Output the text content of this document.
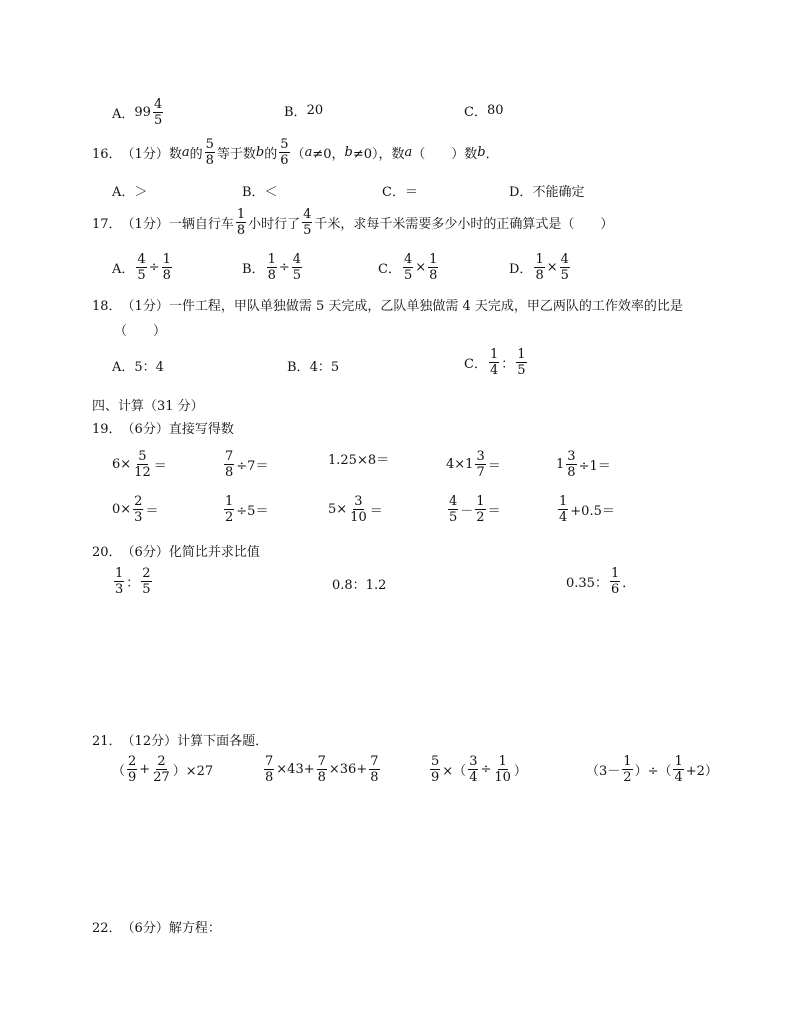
A． $99 \frac{4}{5}$	B． 20	C． 80
16． （1分） 数 a 的 $\frac{5}{8}$ 等于数 b 的 $\frac{5}{6}$ （ a ≠0， b ≠0），数 a （　　）数 b ．
A． ＞	B． ＜	C． ＝	D． 不能确定
17． （1分） 一辆自行车 $\frac{1}{8}$ 小时行了 $\frac{4}{5}$ 千米，求每千米需要多少小时的正确算式是（　　）
A． $\frac{4}{5} \div \frac{1}{8}$	B． $\frac{1}{8} \div \frac{4}{5}$	C． $\frac{4}{5} \times \frac{1}{8}$	D． $\frac{1}{8} \times \frac{4}{5}$
18． （1分） 一件工程，甲队单独做需 5 天完成，乙队单独做需 4 天完成，甲乙两队的工作效率的比是
（　　）
A． 5：4	B． 4：5	C． $\frac{1}{4}$ ： $\frac{1}{5}$
四、计算（31 分）
19． （6分） 直接写得数
$6\times \frac{5}{12}$ ＝	$\frac{7}{8} \div 7=$	1.25×8＝	$4\times 1 \frac{3}{7}$ ＝	$1 \frac{3}{8} \div 1=$
$0\times \frac{2}{3}$ ＝	$\frac{1}{2} \div 5=$	$5\times \frac{3}{10}$ ＝	$\frac{4}{5} - \frac{1}{2}$ ＝	$\frac{1}{4} +0.5=$
20． （6分） 化简比并求比值
$\frac{1}{3}$ ： $\frac{2}{5}$	0.8：1.2	0.35： $\frac{1}{6}$ ．
21． （12分） 计算下面各题．
（ $\frac{2}{9} + \frac{2}{27} )\times 27$	$\frac{7}{8} \times 43+ \frac{7}{8} \times 36+ \frac{7}{8}$	$\frac{5}{9}$ ×（ $\frac{3}{4} \div \frac{1}{10}$ ）	（$3- \frac{1}{2}$ ）÷（ $\frac{1}{4} +2$）
22． （6分） 解方程：
